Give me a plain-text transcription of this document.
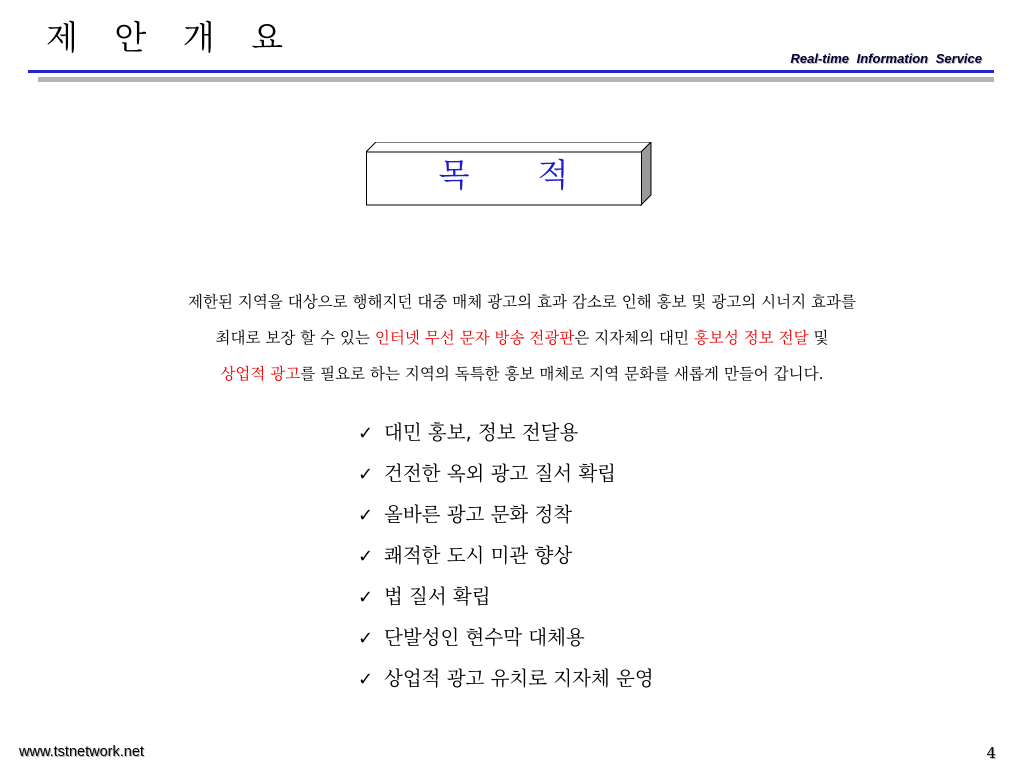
제 안 개 요
Real-time Information Service
목적
제한된 지역을 대상으로 행해지던 대중 매체 광고의 효과 감소로 인해 홍보 및 광고의 시너지 효과를
최대로 보장 할 수 있는 인터넷 무선 문자 방송 전광판은 지자체의 대민 홍보성 정보 전달 및
상업적 광고를 필요로 하는 지역의 독특한 홍보 매체로 지역 문화를 새롭게 만들어 갑니다.
✓ 대민 홍보, 정보 전달용
✓ 건전한 옥외 광고 질서 확립
✓ 올바른 광고 문화 정착
✓ 쾌적한 도시 미관 향상
✓ 법 질서 확립
✓ 단발성인 현수막 대체용
✓ 상업적 광고 유치로 지자체 운영
www.tstnetwork.net	4
